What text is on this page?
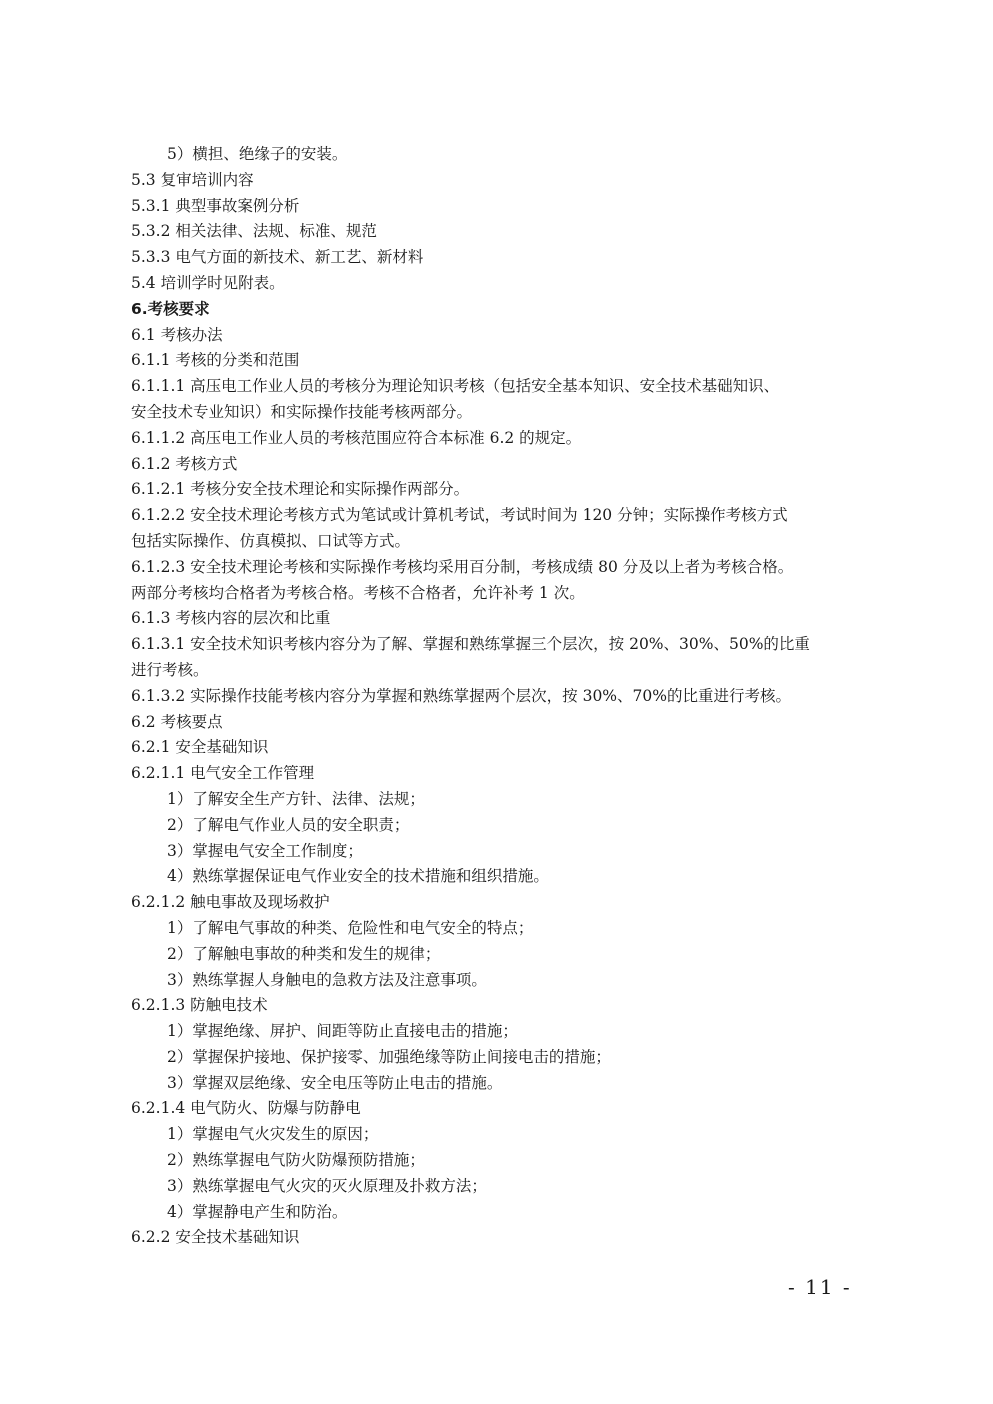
5）横担、绝缘子的安装。

5.3 复审培训内容

5.3.1 典型事故案例分析

5.3.2 相关法律、法规、标准、规范

5.3.3 电气方面的新技术、新工艺、新材料

5.4 培训学时见附表。

6.考核要求

6.1 考核办法

6.1.1 考核的分类和范围

6.1.1.1 高压电工作业人员的考核分为理论知识考核（包括安全基本知识、安全技术基础知识、

安全技术专业知识）和实际操作技能考核两部分。

6.1.1.2 高压电工作业人员的考核范围应符合本标准 6.2 的规定。

6.1.2 考核方式

6.1.2.1 考核分安全技术理论和实际操作两部分。

6.1.2.2 安全技术理论考核方式为笔试或计算机考试，考试时间为 120 分钟；实际操作考核方式

包括实际操作、仿真模拟、口试等方式。

6.1.2.3 安全技术理论考核和实际操作考核均采用百分制，考核成绩 80 分及以上者为考核合格。

两部分考核均合格者为考核合格。考核不合格者，允许补考 1 次。

6.1.3 考核内容的层次和比重

6.1.3.1 安全技术知识考核内容分为了解、掌握和熟练掌握三个层次，按 20%、30%、50%的比重

进行考核。

6.1.3.2 实际操作技能考核内容分为掌握和熟练掌握两个层次，按 30%、70%的比重进行考核。

6.2 考核要点

6.2.1 安全基础知识

6.2.1.1 电气安全工作管理

1）了解安全生产方针、法律、法规；

2）了解电气作业人员的安全职责；

3）掌握电气安全工作制度；

4）熟练掌握保证电气作业安全的技术措施和组织措施。

6.2.1.2 触电事故及现场救护

1）了解电气事故的种类、危险性和电气安全的特点；

2）了解触电事故的种类和发生的规律；

3）熟练掌握人身触电的急救方法及注意事项。

6.2.1.3 防触电技术

1）掌握绝缘、屏护、间距等防止直接电击的措施；

2）掌握保护接地、保护接零、加强绝缘等防止间接电击的措施；

3）掌握双层绝缘、安全电压等防止电击的措施。

6.2.1.4 电气防火、防爆与防静电

1）掌握电气火灾发生的原因；

2）熟练掌握电气防火防爆预防措施；

3）熟练掌握电气火灾的灭火原理及扑救方法；

4）掌握静电产生和防治。

6.2.2 安全技术基础知识

- 11 -
